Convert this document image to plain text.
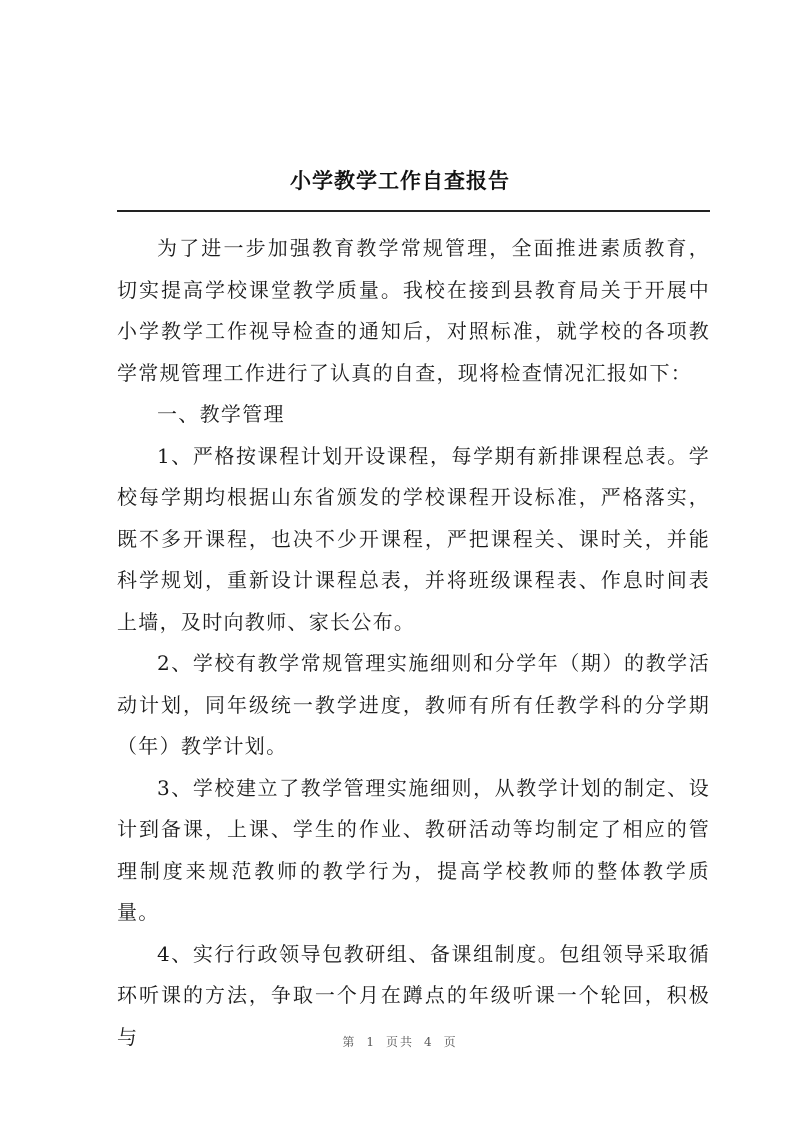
小学教学工作自查报告

为了进一步加强教育教学常规管理，全面推进素质教育，切实提高学校课堂教学质量。我校在接到县教育局关于开展中小学教学工作视导检查的通知后，对照标准，就学校的各项教学常规管理工作进行了认真的自查，现将检查情况汇报如下：

一、教学管理

1、严格按课程计划开设课程，每学期有新排课程总表。学校每学期均根据山东省颁发的学校课程开设标准，严格落实，既不多开课程，也决不少开课程，严把课程关、课时关，并能科学规划，重新设计课程总表，并将班级课程表、作息时间表上墙，及时向教师、家长公布。

2、学校有教学常规管理实施细则和分学年（期）的教学活动计划，同年级统一教学进度，教师有所有任教学科的分学期（年）教学计划。

3、学校建立了教学管理实施细则，从教学计划的制定、设计到备课，上课、学生的作业、教研活动等均制定了相应的管理制度来规范教师的教学行为，提高学校教师的整体教学质量。

4、实行行政领导包教研组、备课组制度。包组领导采取循环听课的方法，争取一个月在蹲点的年级听课一个轮回，积极与	第 1 页共 4 页
